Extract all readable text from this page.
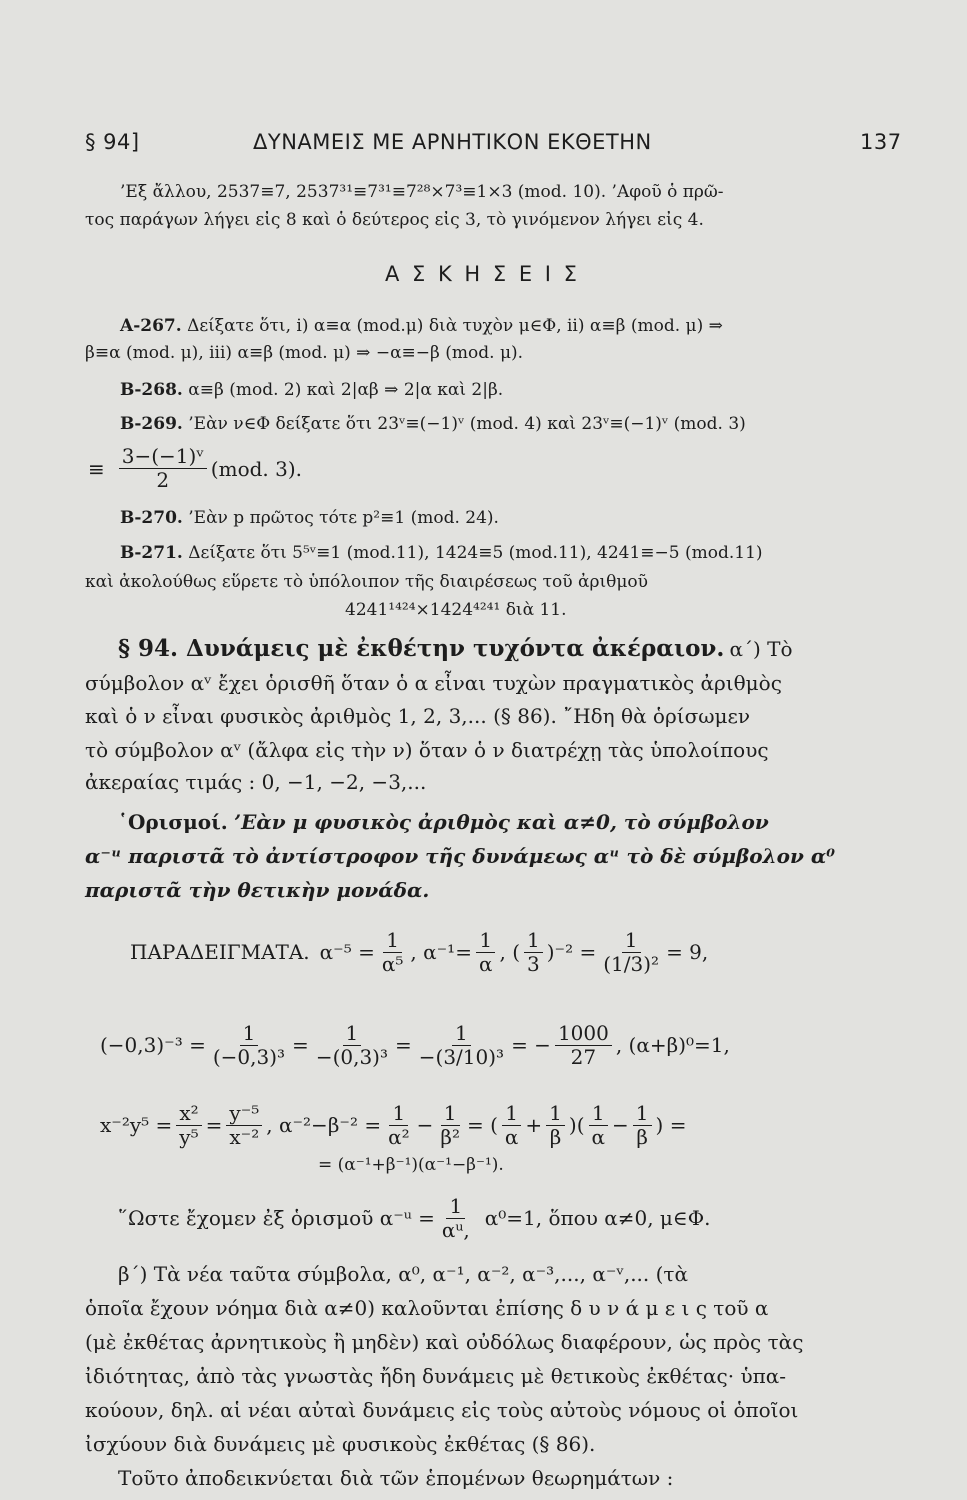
§ 94]	ΔΥΝΑΜΕΙΣ ΜΕ ΑΡΝΗΤΙΚΟΝ ΕΚΘΕΤΗΝ	137
’Εξ ἄλλου, 2537≡7, 2537³¹≡7³¹≡7²⁸×7³≡1×3 (mod. 10). ’Αφοῦ ὁ πρῶ-
τος παράγων λήγει εἰς 8 καὶ ὁ δεύτερος εἰς 3, τὸ γινόμενον λήγει εἰς 4.
Α Σ Κ Η Σ Ε Ι Σ
Α-267. Δείξατε ὅτι, i) α≡α (mod.μ) διὰ τυχὸν μ∈Φ, ii) α≡β (mod. μ) ⇒
β≡α (mod. μ), iii) α≡β (mod. μ) ⇒ −α≡−β (mod. μ).
Β-268. α≡β (mod. 2) καὶ 2|αβ ⇒ 2|α καὶ 2|β.
Β-269. ’Εὰν ν∈Φ δείξατε ὅτι 23ᵛ≡(−1)ᵛ (mod. 4) καὶ 23ᵛ≡(−1)ᵛ (mod. 3)
≡ $\frac{\text{3−(−1)ᵛ}}{2} (mod$. 3).
Β-270. ’Εὰν p πρῶτος τότε p²≡1 (mod. 24).
Β-271. Δείξατε ὅτι 5⁵ᵛ≡1 (mod.11), 1424≡5 (mod.11), 4241≡−5 (mod.11)
καὶ ἀκολούθως εὕρετε τὸ ὑπόλοιπον τῆς διαιρέσεως τοῦ ἀριθμοῦ
4241¹⁴²⁴×1424⁴²⁴¹ διὰ 11.
§ 94. Δυνάμεις μὲ ἐκθέτην τυχόντα ἀκέραιον. α΄) Τὸ
σύμβολον αᵛ ἔχει ὁρισθῆ ὅταν ὁ α εἶναι τυχὼν πραγματικὸς ἀριθμὸς
καὶ ὁ ν εἶναι φυσικὸς ἀριθμὸς 1, 2, 3,... (§ 86). ῎Ηδη θὰ ὁρίσωμεν
τὸ σύμβολον αᵛ (ἄλφα εἰς τὴν ν) ὅταν ὁ ν διατρέχῃ τὰς ὑπολοίπους
ἀκεραίας τιμάς : 0, −1, −2, −3,...
῾Ορισμοί. ’Εὰν μ φυσικὸς ἀριθμὸς καὶ α≠0, τὸ σύμβολον
α⁻ᵘ παριστᾶ τὸ ἀντίστροφον τῆς δυνάμεως αᵘ τὸ δὲ σύμβολον α⁰
παριστᾶ τὴν θετικὴν μονάδα.
ΠΑΡΑΔΕΙΓΜΑΤΑ. $\alpha^{-5} = \frac{1}{\text{α⁵}}$ , $\alpha^{-1}= \frac{1}{\alpha}$ , ( $\frac{1}{3} )^{-2} = \frac{1}{\text{(1/3)²}} = 9$,
$(-0,3)^{-3} = \frac{1}{\text{(−0,3)³}} = \frac{1}{\text{−(0,3)³}} = \frac{1}{\text{−(3/10)³}}$ = − $\frac{1000}{27}$ , (α+β)⁰=1,
$x^{-2}y^5 = \frac{\text{x²}}{\text{y⁵}} = \frac{\text{y⁻⁵}}{\text{x⁻²}}$ , $\alpha^{-2}-\beta^{-2} = \frac{1}{\text{α²}} - \frac{1}{\text{β²}}$ = ( $\frac{1}{\alpha} + \frac{1}{\beta}$ )( $\frac{1}{\alpha} - \frac{1}{\beta}$ ) =
= (α⁻¹+β⁻¹)(α⁻¹−β⁻¹).
῞Ωστε ἔχομεν ἐξ ὁρισμοῦ α⁻ᵘ = $\frac{1}{\text{αᵘ,}} \alpha^0=1$, ὅπου α≠0, μ∈Φ.
β΄) Τὰ νέα ταῦτα σύμβολα, α⁰, α⁻¹, α⁻², α⁻³,..., α⁻ᵛ,... (τὰ
ὁποῖα ἔχουν νόημα διὰ α≠0) καλοῦνται ἐπίσης δ υ ν ά μ ε ι ς τοῦ α
(μὲ ἐκθέτας ἀρνητικοὺς ἢ μηδὲν) καὶ οὐδόλως διαφέρουν, ὡς πρὸς τὰς
ἰδιότητας, ἀπὸ τὰς γνωστὰς ἤδη δυνάμεις μὲ θετικοὺς ἐκθέτας· ὑπα-
κούουν, δηλ. αἱ νέαι αὐταὶ δυνάμεις εἰς τοὺς αὐτοὺς νόμους οἱ ὁποῖοι
ἰσχύουν διὰ δυνάμεις μὲ φυσικοὺς ἐκθέτας (§ 86).
Τοῦτο ἀποδεικνύεται διὰ τῶν ἑπομένων θεωρημάτων :
